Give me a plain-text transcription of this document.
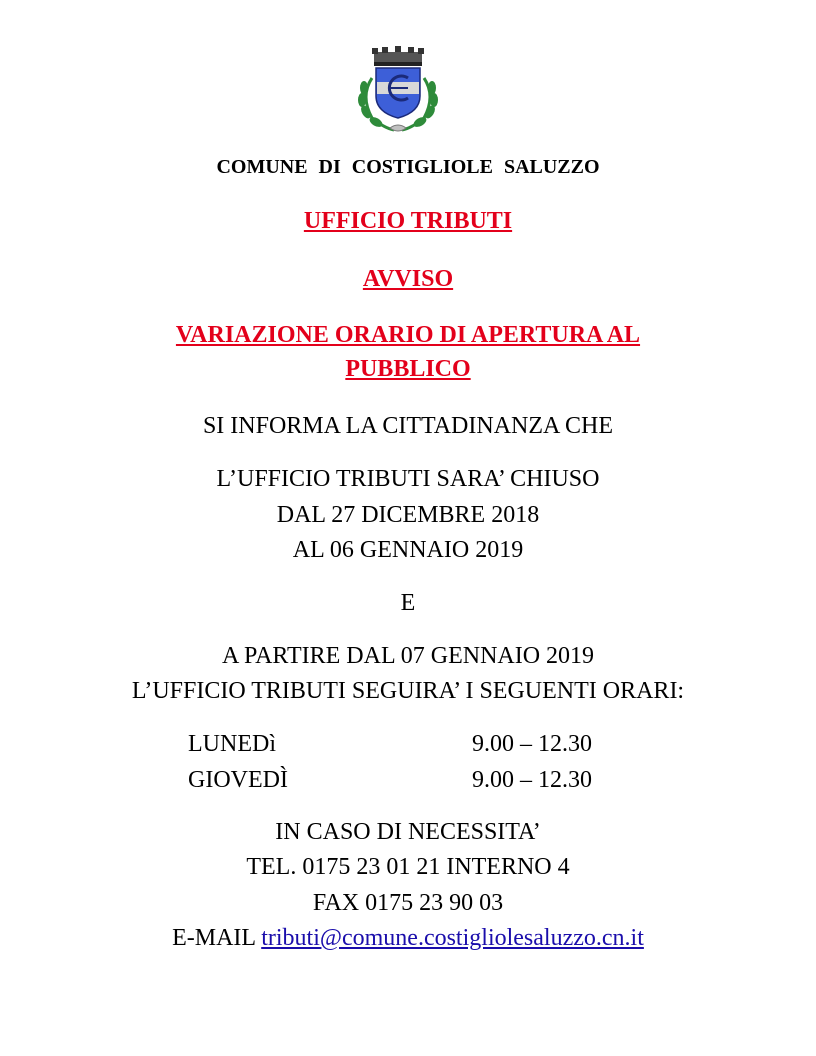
COMUNE DI COSTIGLIOLE SALUZZO
UFFICIO TRIBUTI
AVVISO
VARIAZIONE ORARIO DI APERTURA AL
PUBBLICO
SI INFORMA LA CITTADINANZA CHE
L’UFFICIO TRIBUTI SARA’ CHIUSO
DAL 27 DICEMBRE 2018
AL 06 GENNAIO 2019
E
A PARTIRE DAL 07 GENNAIO 2019
L’UFFICIO TRIBUTI SEGUIRA’ I SEGUENTI ORARI:
LUNEDì	9.00 – 12.30
GIOVEDÌ	9.00 – 12.30
IN CASO DI NECESSITA’
TEL. 0175 23 01 21 INTERNO 4
FAX 0175 23 90 03
E-MAIL tributi@comune.costigliolesaluzzo.cn.it
